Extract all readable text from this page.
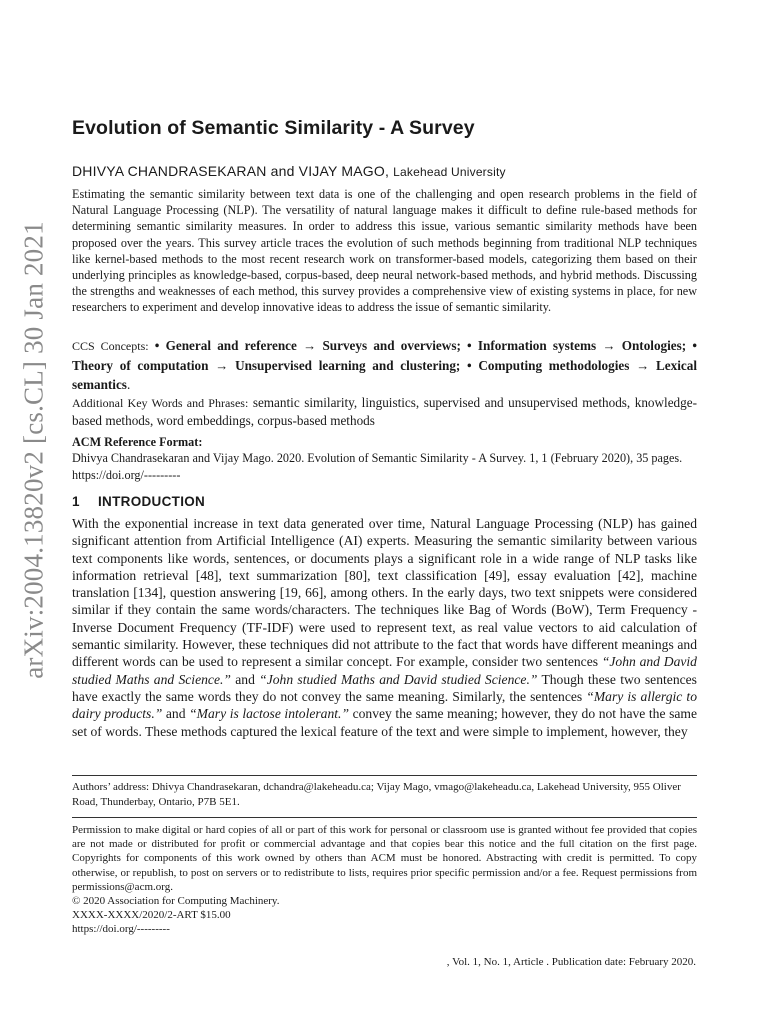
arXiv:2004.13820v2 [cs.CL] 30 Jan 2021
Evolution of Semantic Similarity - A Survey
DHIVYA CHANDRASEKARAN and VIJAY MAGO, Lakehead University
Estimating the semantic similarity between text data is one of the challenging and open research problems in the field of Natural Language Processing (NLP). The versatility of natural language makes it difficult to define rule-based methods for determining semantic similarity measures. In order to address this issue, various semantic similarity methods have been proposed over the years. This survey article traces the evolution of such methods beginning from traditional NLP techniques like kernel-based methods to the most recent research work on transformer-based models, categorizing them based on their underlying principles as knowledge-based, corpus-based, deep neural network-based methods, and hybrid methods. Discussing the strengths and weaknesses of each method, this survey provides a comprehensive view of existing systems in place, for new researchers to experiment and develop innovative ideas to address the issue of semantic similarity.
CCS Concepts: • General and reference → Surveys and overviews; • Information systems → Ontologies; • Theory of computation → Unsupervised learning and clustering; • Computing methodologies → Lexical semantics.
Additional Key Words and Phrases: semantic similarity, linguistics, supervised and unsupervised methods, knowledge-based methods, word embeddings, corpus-based methods
ACM Reference Format:
Dhivya Chandrasekaran and Vijay Mago. 2020. Evolution of Semantic Similarity - A Survey. 1, 1 (February 2020), 35 pages. https://doi.org/---------
1 INTRODUCTION
With the exponential increase in text data generated over time, Natural Language Processing (NLP) has gained significant attention from Artificial Intelligence (AI) experts. Measuring the semantic similarity between various text components like words, sentences, or documents plays a significant role in a wide range of NLP tasks like information retrieval [48], text summarization [80], text classification [49], essay evaluation [42], machine translation [134], question answering [19, 66], among others. In the early days, two text snippets were considered similar if they contain the same words/characters. The techniques like Bag of Words (BoW), Term Frequency - Inverse Document Frequency (TF-IDF) were used to represent text, as real value vectors to aid calculation of semantic similarity. However, these techniques did not attribute to the fact that words have different meanings and different words can be used to represent a similar concept. For example, consider two sentences “John and David studied Maths and Science.” and “John studied Maths and David studied Science.” Though these two sentences have exactly the same words they do not convey the same meaning. Similarly, the sentences “Mary is allergic to dairy products.” and “Mary is lactose intolerant.” convey the same meaning; however, they do not have the same set of words. These methods captured the lexical feature of the text and were simple to implement, however, they
Authors’ address: Dhivya Chandrasekaran, dchandra@lakeheadu.ca; Vijay Mago, vmago@lakeheadu.ca, Lakehead University, 955 Oliver Road, Thunderbay, Ontario, P7B 5E1.
Permission to make digital or hard copies of all or part of this work for personal or classroom use is granted without fee provided that copies are not made or distributed for profit or commercial advantage and that copies bear this notice and the full citation on the first page. Copyrights for components of this work owned by others than ACM must be honored. Abstracting with credit is permitted. To copy otherwise, or republish, to post on servers or to redistribute to lists, requires prior specific permission and/or a fee. Request permissions from permissions@acm.org.
© 2020 Association for Computing Machinery.
XXXX-XXXX/2020/2-ART $15.00
https://doi.org/---------
, Vol. 1, No. 1, Article . Publication date: February 2020.
